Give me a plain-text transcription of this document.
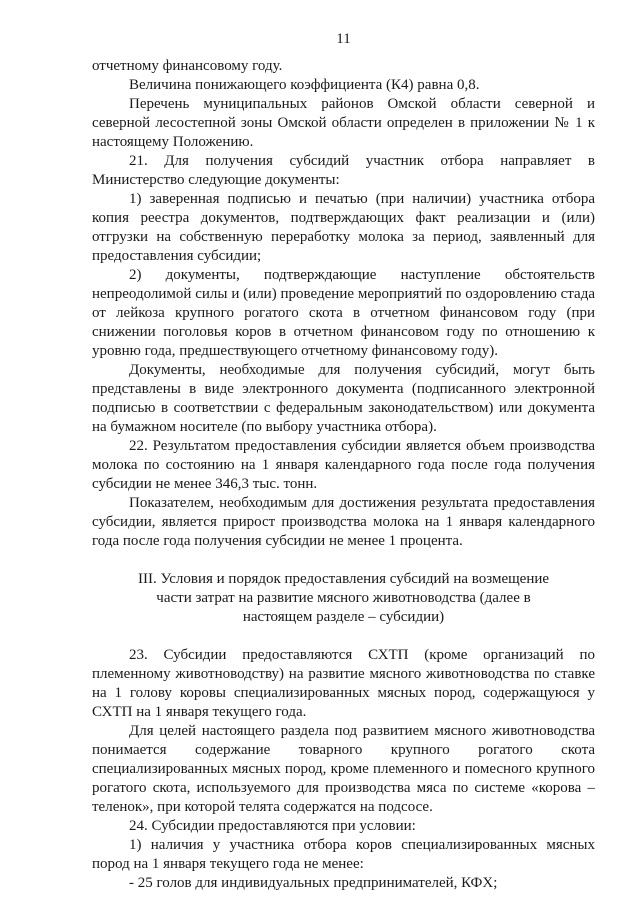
11

отчетному финансовому году.

Величина понижающего коэффициента (К4) равна 0,8.

Перечень муниципальных районов Омской области северной и северной лесостепной зоны Омской области определен в приложении № 1 к настоящему Положению.

21. Для получения субсидий участник отбора направляет в Министерство следующие документы:

1) заверенная подписью и печатью (при наличии) участника отбора копия реестра документов, подтверждающих факт реализации и (или) отгрузки на собственную переработку молока за период, заявленный для предоставления субсидии;

2) документы, подтверждающие наступление обстоятельств непреодолимой силы и (или) проведение мероприятий по оздоровлению стада от лейкоза крупного рогатого скота в отчетном финансовом году (при снижении поголовья коров в отчетном финансовом году по отношению к уровню года, предшествующего отчетному финансовому году).

Документы, необходимые для получения субсидий, могут быть представлены в виде электронного документа (подписанного электронной подписью в соответствии с федеральным законодательством) или документа на бумажном носителе (по выбору участника отбора).

22. Результатом предоставления субсидии является объем производства молока по состоянию на 1 января календарного года после года получения субсидии не менее 346,3 тыс. тонн.

Показателем, необходимым для достижения результата предоставления субсидии, является прирост производства молока на 1 января календарного года после года получения субсидии не менее 1 процента.

III. Условия и порядок предоставления субсидий на возмещение части затрат на развитие мясного животноводства (далее в настоящем разделе – субсидии)

23. Субсидии предоставляются СХТП (кроме организаций по племенному животноводству) на развитие мясного животноводства по ставке на 1 голову коровы специализированных мясных пород, содержащуюся у СХТП на 1 января текущего года.

Для целей настоящего раздела под развитием мясного животноводства понимается содержание товарного крупного рогатого скота специализированных мясных пород, кроме племенного и помесного крупного рогатого скота, используемого для производства мяса по системе «корова – теленок», при которой телята содержатся на подсосе.

24. Субсидии предоставляются при условии:

1) наличия у участника отбора коров специализированных мясных пород на 1 января текущего года не менее:

- 25 голов для индивидуальных предпринимателей, КФХ;
